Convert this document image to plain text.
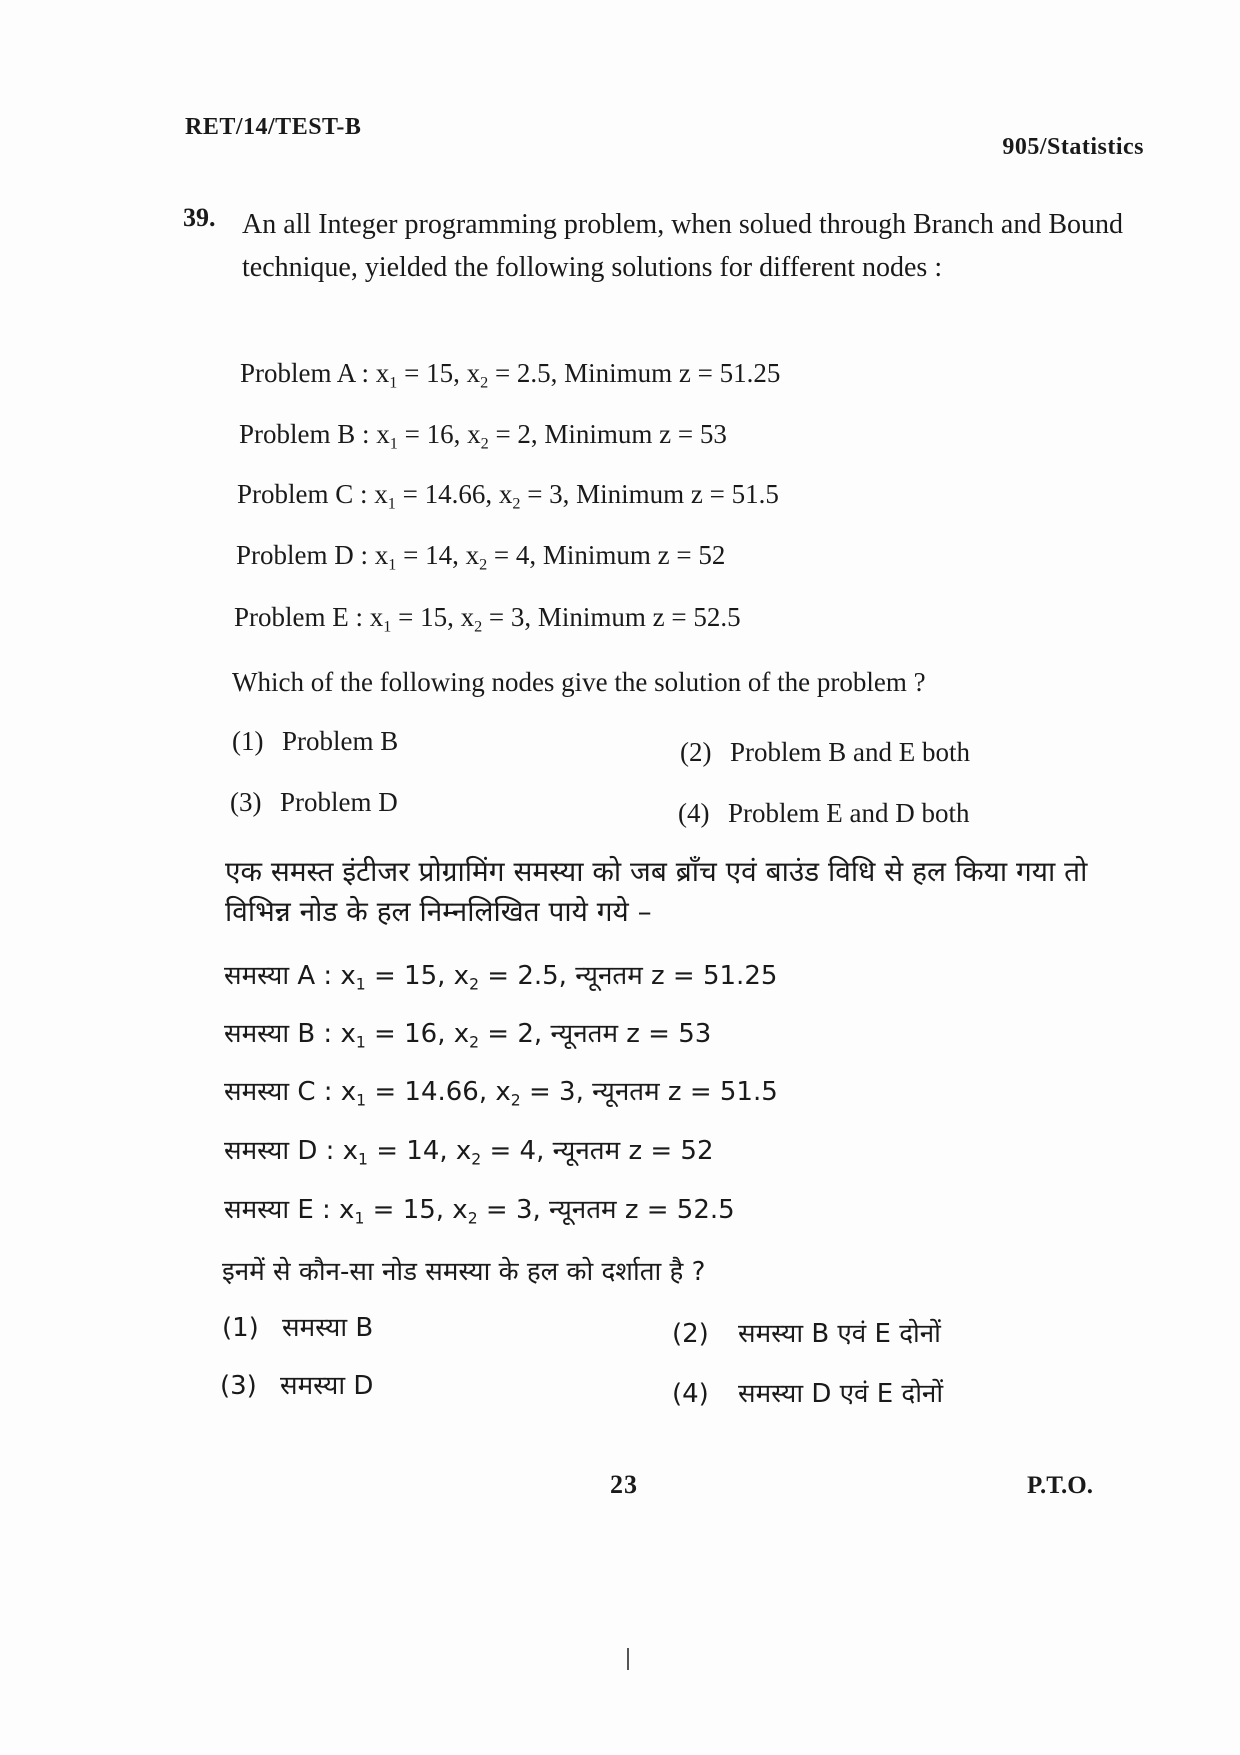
RET/14/TEST-B
905/Statistics
39. An all Integer programming problem, when solued through Branch and Bound technique, yielded the following solutions for different nodes :
Problem A : $x_1 = 15$, $x_2 = 2.5$, Minimum z = 51.25
Problem B : $x_1 = 16$, $x_2 = 2$, Minimum z = 53
Problem C : $x_1 = 14.66$, $x_2 = 3$, Minimum z = 51.5
Problem D : $x_1 = 14$, $x_2 = 4$, Minimum z = 52
Problem E : $x_1 = 15$, $x_2 = 3$, Minimum z = 52.5
Which of the following nodes give the solution of the problem ?
(1) Problem B	(2) Problem B and E both
(3) Problem D	(4) Problem E and D both
एक समस्त इंटीजर प्रोग्रामिंग समस्या को जब ब्राँच एवं बाउंड विधि से हल किया गया तो विभिन्न नोड के हल निम्नलिखित पाये गये –
समस्या A : $x_1 = 15$, $x_2 = 2.5$, न्यूनतम z = 51.25
समस्या B : $x_1 = 16$, $x_2 = 2$, न्यूनतम z = 53
समस्या C : $x_1 = 14.66$, $x_2 = 3$, न्यूनतम z = 51.5
समस्या D : $x_1 = 14$, $x_2 = 4$, न्यूनतम z = 52
समस्या E : $x_1 = 15$, $x_2 = 3$, न्यूनतम z = 52.5
इनमें से कौन-सा नोड समस्या के हल को दर्शाता है ?
(1) समस्या B	(2) समस्या B एवं E दोनों
(3) समस्या D	(4) समस्या D एवं E दोनों
23	P.T.O.
